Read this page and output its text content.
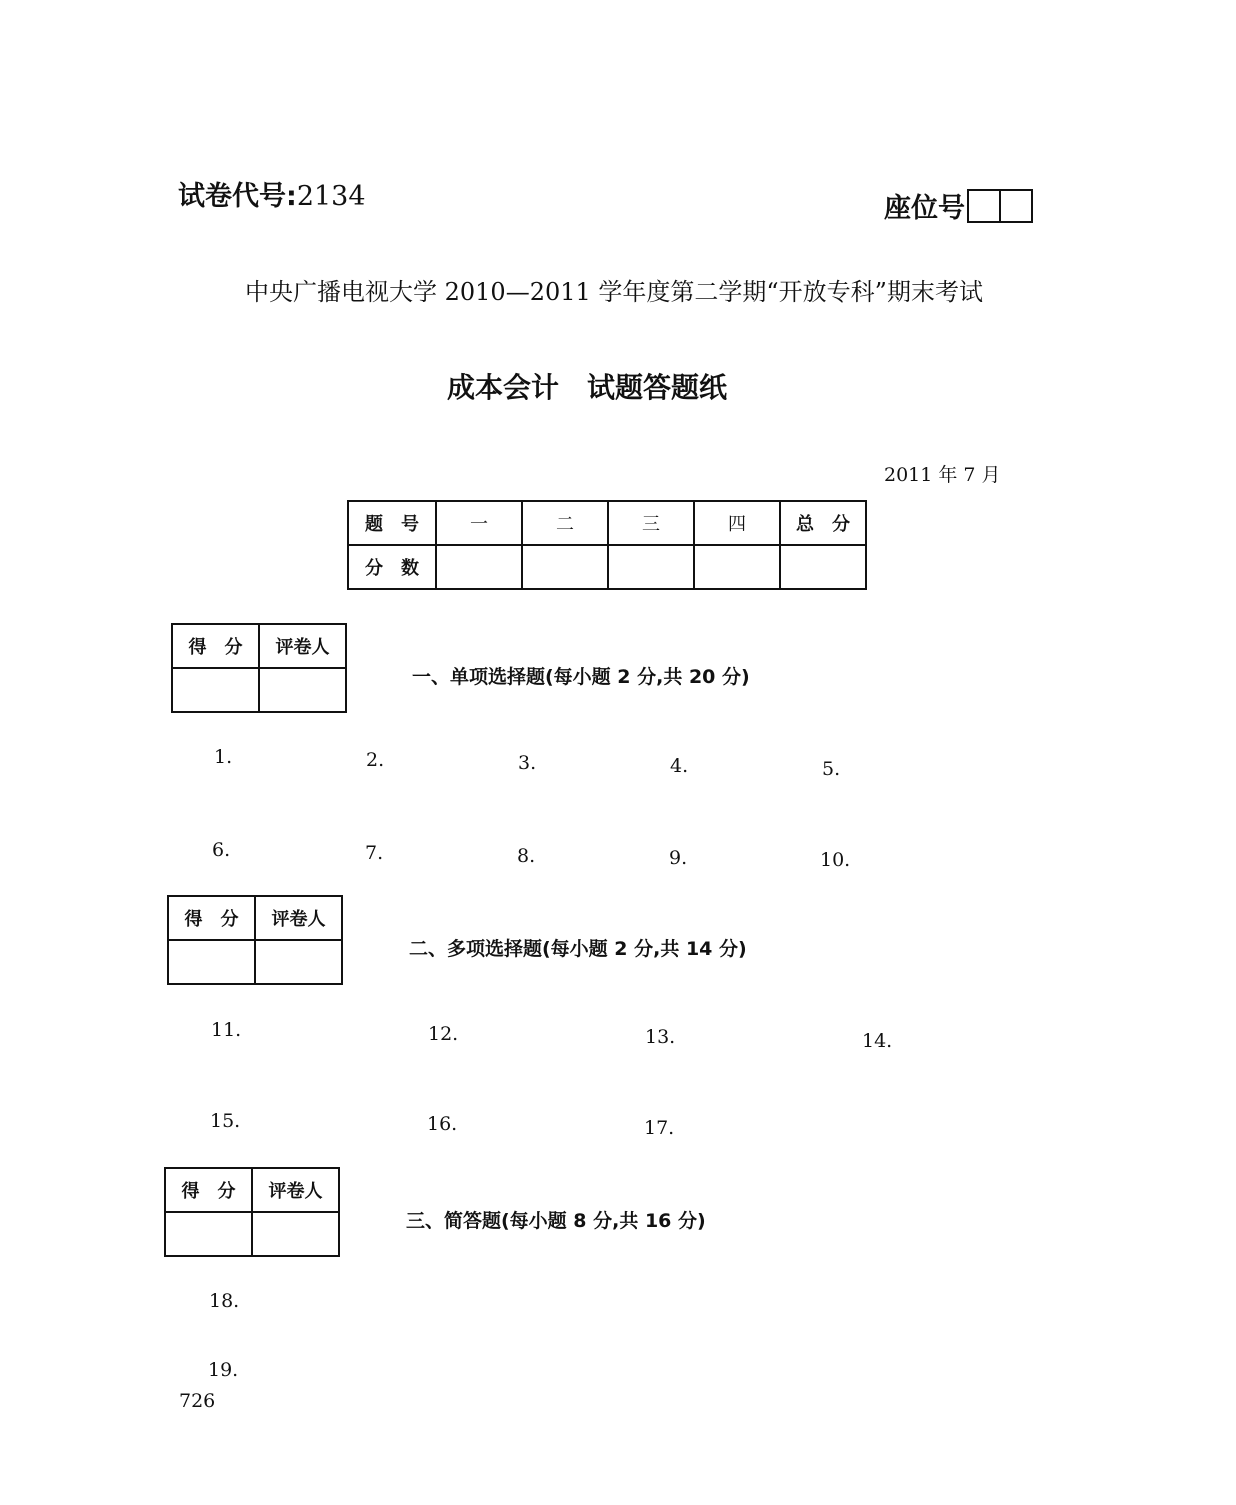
试卷代号:2134	座位号
中央广播电视大学 2010—2011 学年度第二学期“开放专科”期末考试
成本会计　试题答题纸
2011 年 7 月
题　号	一	二	三	四	总　分
分　数					
得　分	评卷人

一、单项选择题(每小题 2 分,共 20 分)
1.	2.	3.	4.	5.
6.	7.	8.	9.	10.
得　分	评卷人

二、多项选择题(每小题 2 分,共 14 分)
11.	12.	13.	14.
15.	16.	17.
得　分	评卷人

三、简答题(每小题 8 分,共 16 分)
18.
19.
726
